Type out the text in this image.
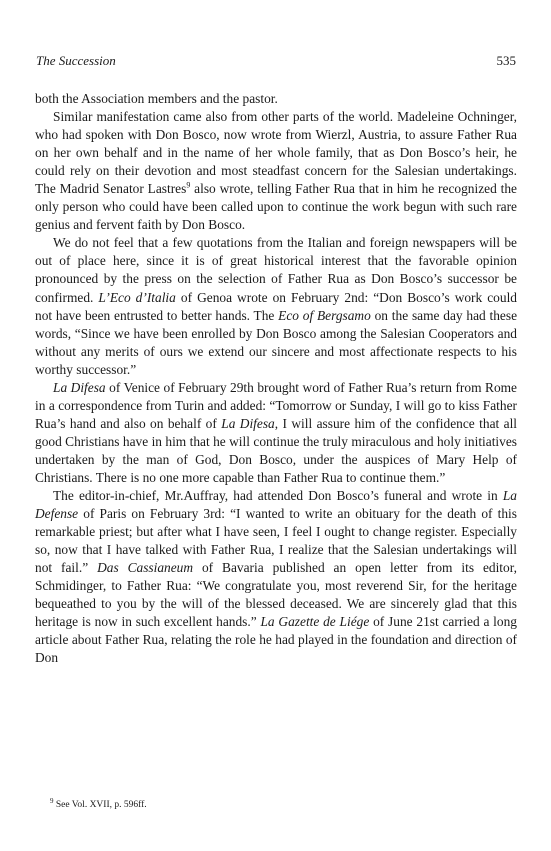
The Succession	535

both the Association members and the pastor.

Similar manifestation came also from other parts of the world. Madeleine Ochninger, who had spoken with Don Bosco, now wrote from Wierzl, Austria, to assure Father Rua on her own behalf and in the name of her whole family, that as Don Bosco’s heir, he could rely on their devotion and most steadfast concern for the Salesian undertakings. The Madrid Senator Lastres$^9$ also wrote, telling Father Rua that in him he recognized the only person who could have been called upon to continue the work begun with such rare genius and fervent faith by Don Bosco.

We do not feel that a few quotations from the Italian and foreign newspapers will be out of place here, since it is of great historical interest that the favorable opinion pronounced by the press on the selection of Father Rua as Don Bosco’s successor be confirmed. L’Eco d’Italia of Genoa wrote on February 2nd: “Don Bosco’s work could not have been entrusted to better hands. The Eco of Bergsamo on the same day had these words, “Since we have been enrolled by Don Bosco among the Salesian Cooperators and without any merits of ours we extend our sincere and most affectionate respects to his worthy successor.”

La Difesa of Venice of February 29th brought word of Father Rua’s return from Rome in a correspondence from Turin and added: “Tomorrow or Sunday, I will go to kiss Father Rua’s hand and also on behalf of La Difesa, I will assure him of the confidence that all good Christians have in him that he will continue the truly miraculous and holy initiatives undertaken by the man of God, Don Bosco, under the auspices of Mary Help of Christians. There is no one more capable than Father Rua to continue them.”

The editor-in-chief, Mr.Auffray, had attended Don Bosco’s funeral and wrote in La Defense of Paris on February 3rd: “I wanted to write an obituary for the death of this remarkable priest; but after what I have seen, I feel I ought to change register. Especially so, now that I have talked with Father Rua, I realize that the Salesian undertakings will not fail.” Das Cassianeum of Bavaria published an open letter from its editor, Schmidinger, to Father Rua: “We congratulate you, most reverend Sir, for the heritage bequeathed to you by the will of the blessed deceased. We are sincerely glad that this heritage is now in such excellent hands.” La Gazette de Liége of June 21st carried a long article about Father Rua, relating the role he had played in the foundation and direction of Don

$^9$ See Vol. XVII, p. 596ff.
